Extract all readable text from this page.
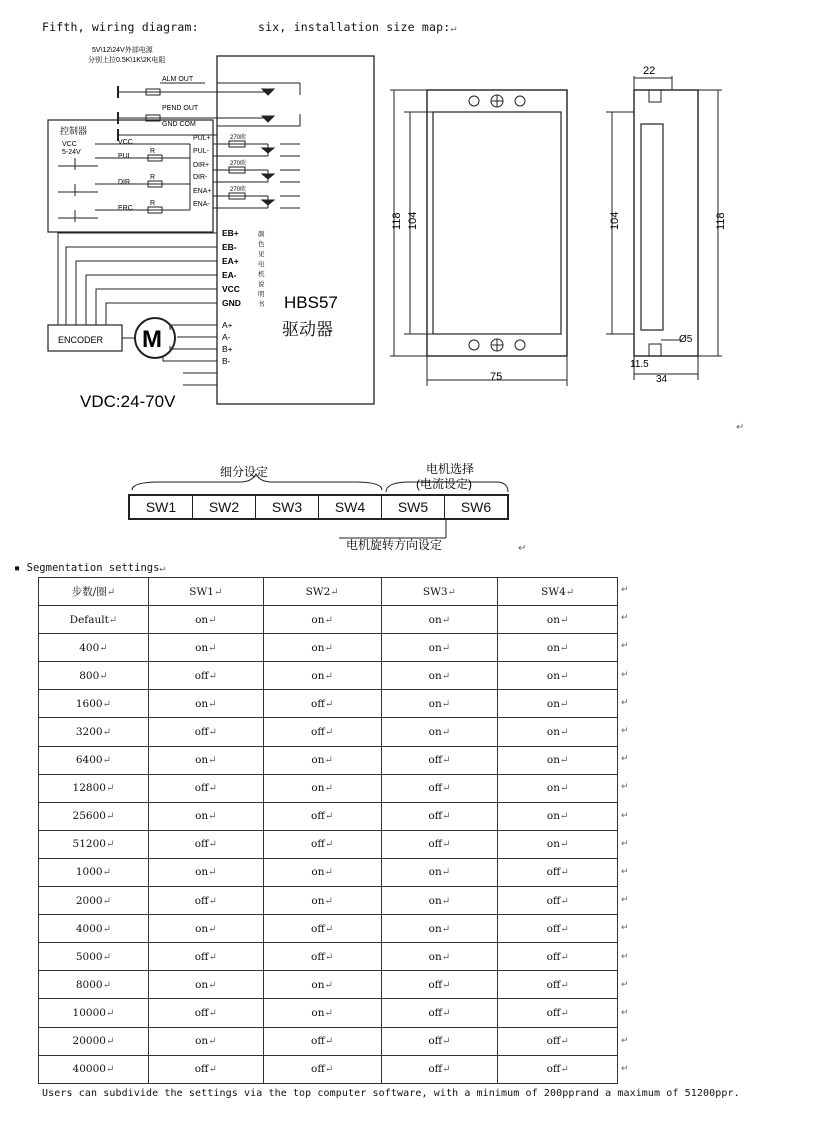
Fifth, wiring diagram:	six, installation size map:↵
5V\12\24V外部电源
分别上拉0.5K\1K\2K电阻
ALM OUT
PEND OUT
GND COM
控制器
VCC
5-24V
VCC
PUL
DIR
ERC
R
R
R
PUL+
PUL-
DIR+
DIR-
ENA+
ENA-
270欧
270欧
270欧
EB+
EB-
EA+
EA-
VCC
GND
ENCODER M
A+
A-
B+
B-
颜
色
见
电
机
说
明
书 HBS57
驱动器
VDC:24-70V
118 104
75
22
104	118
Ø5
11.5
34
↵
细分设定	电机选择
(电流设定)
电机旋转方向设定	↵
SW1	SW2	SW3	SW4	SW5	SW6
▪ Segmentation settings↵
步数/圈↵	SW1↵	SW2↵	SW3↵	SW4↵
Default↵	on↵	on↵	on↵	on↵
400↵	on↵	on↵	on↵	on↵
800↵	off↵	on↵	on↵	on↵
1600↵	on↵	off↵	on↵	on↵
3200↵	off↵	off↵	on↵	on↵
6400↵	on↵	on↵	off↵	on↵
12800↵	off↵	on↵	off↵	on↵
25600↵	on↵	off↵	off↵	on↵
51200↵	off↵	off↵	off↵	on↵
1000↵	on↵	on↵	on↵	off↵
2000↵	off↵	on↵	on↵	off↵
4000↵	on↵	off↵	on↵	off↵
5000↵	off↵	off↵	on↵	off↵
8000↵	on↵	on↵	off↵	off↵
10000↵	off↵	on↵	off↵	off↵
20000↵	on↵	off↵	off↵	off↵
40000↵	off↵	off↵	off↵	off↵
↵
↵
↵
↵
↵
↵
↵
↵
↵
↵
↵
↵
↵
↵
↵
↵
↵
↵
Users can subdivide the settings via the top computer software, with a minimum of 200pprand a maximum of 51200ppr.
